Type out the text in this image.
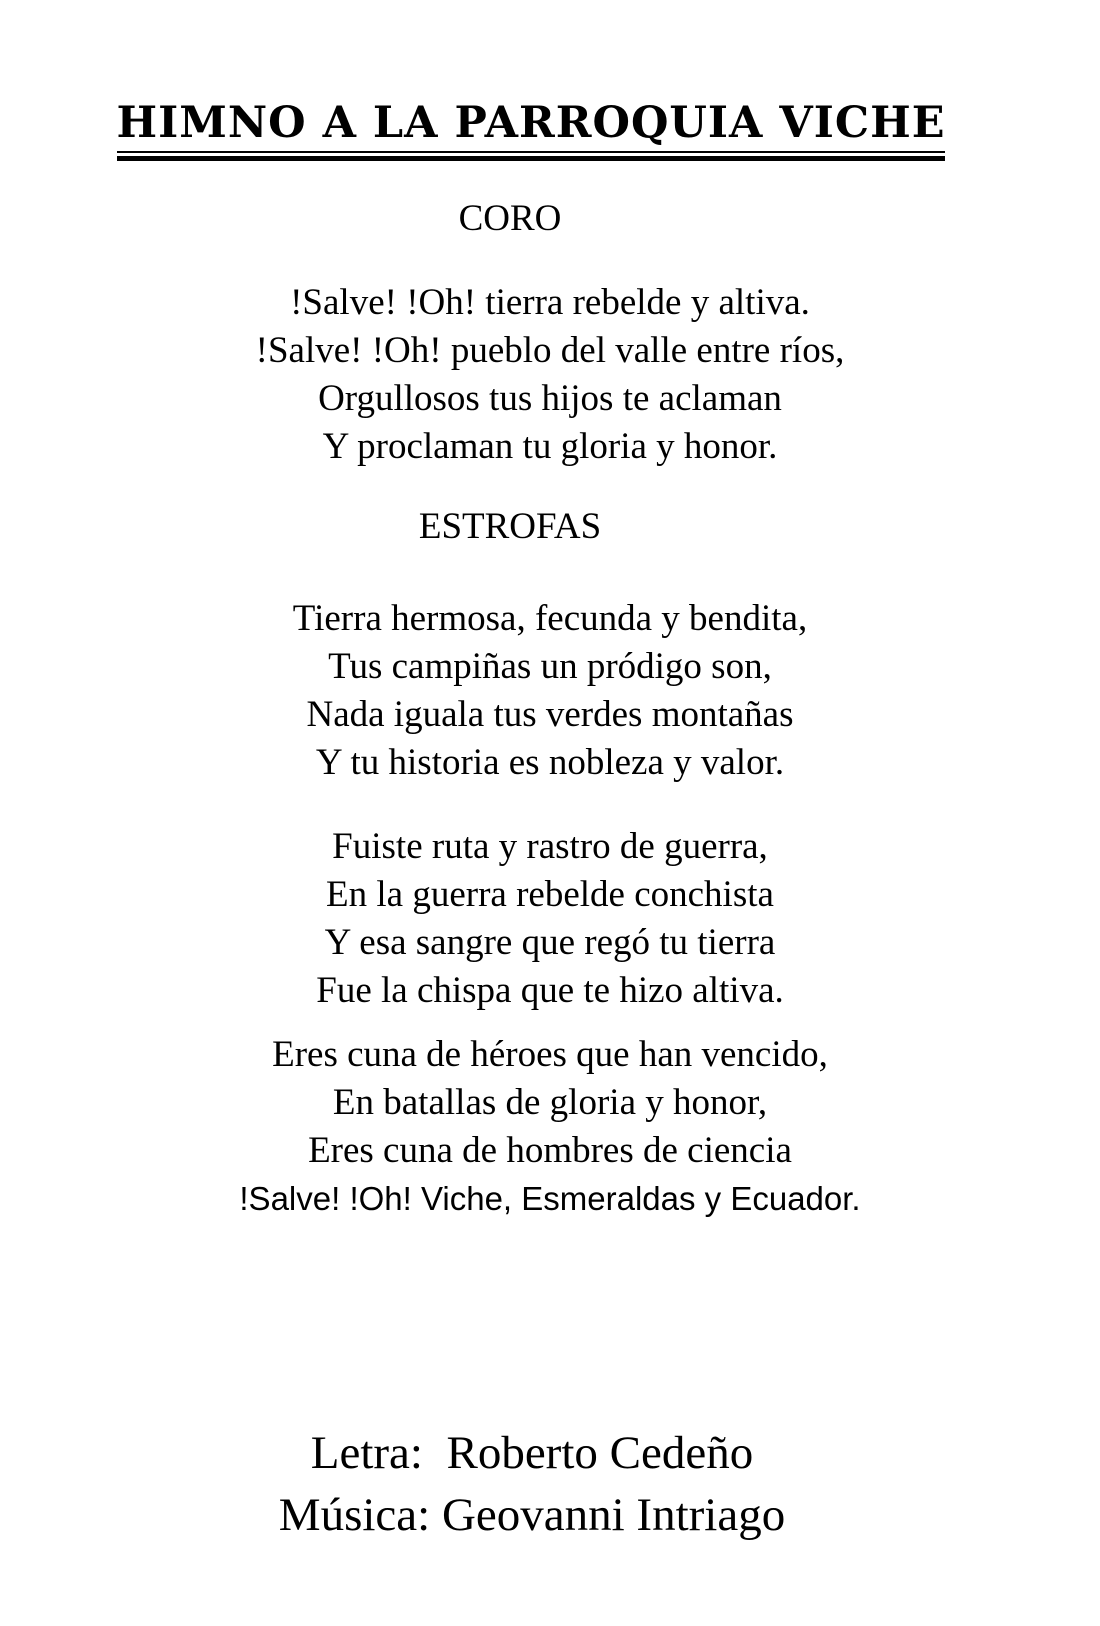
HIMNO A LA PARROQUIA VICHE
CORO

!Salve! !Oh! tierra rebelde y altiva.

!Salve! !Oh! pueblo del valle entre ríos,

Orgullosos tus hijos te aclaman

Y proclaman tu gloria y honor.

ESTROFAS

Tierra hermosa, fecunda y bendita,

Tus campiñas un pródigo son,

Nada iguala tus verdes montañas

Y tu historia es nobleza y valor.

Fuiste ruta y rastro de guerra,

En la guerra rebelde conchista

Y esa sangre que regó tu tierra

Fue la chispa que te hizo altiva.

Eres cuna de héroes que han vencido,

En batallas de gloria y honor,

Eres cuna de hombres de ciencia

!Salve! !Oh! Viche, Esmeraldas y Ecuador.

Letra:  Roberto Cedeño

Música: Geovanni Intriago
